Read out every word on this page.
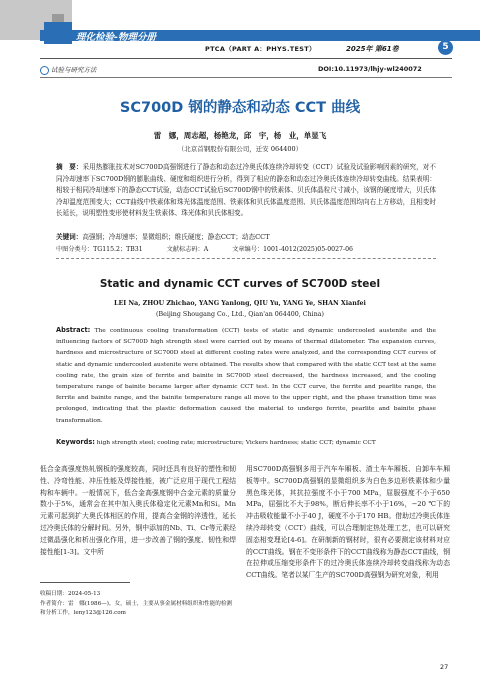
理化检验-物理分册
PTCA（PART A：PHYS.TEST）	2025年 第61卷	5
试验与研究方法	DOI:10.11973/lhjy-wl240072
SC700D 钢的静态和动态 CCT 曲线
雷　娜，周志超，杨艳龙，邱　宇，杨　业，单显飞
（北京首钢股份有限公司，迁安 064400）
摘　要：采用热膨胀技术对SC700D高强钢进行了静态和动态过冷奥氏体连续冷却转变（CCT）试验及试验影响因素的研究，对不同冷却速率下SC700D钢的膨胀曲线、硬度和组织进行分析，得到了相应的静态和动态过冷奥氏体连续冷却转变曲线。结果表明：相较于相同冷却速率下的静态CCT试验，动态CCT试验后SC700D钢中的铁素体、贝氏体晶粒尺寸减小，该钢的硬度增大，贝氏体冷却温度范围变大；CCT曲线中铁素体和珠光体温度范围、铁素体和贝氏体温度范围、贝氏体温度范围均向右上方移动，且相变时长延长，说明塑性变形使材料发生铁素体、珠光体和贝氏体相变。
关键词：高强钢；冷却速率；显微组织；维氏硬度；静态CCT；动态CCT
中图分类号：TG115.2；TB31	文献标志码：A	文章编号：1001-4012(2025)05-0027-06
Static and dynamic CCT curves of SC700D steel
LEI Na, ZHOU Zhichao, YANG Yanlong, QIU Yu, YANG Ye, SHAN Xianfei
(Beijing Shougang Co., Ltd., Qian'an 064400, China)
Abstract: The continuous cooling transformation (CCT) tests of static and dynamic undercooled austenite and the influencing factors of SC700D high strength steel were carried out by means of thermal dilatometer. The expansion curves, hardness and microstructure of SC700D steel at different cooling rates were analyzed, and the corresponding CCT curves of static and dynamic undercooled austenite were obtained. The results show that compared with the static CCT test at the same cooling rate, the grain size of ferrite and bainite in SC700D steel decreased, the hardness increased, and the cooling temperature range of bainite became larger after dynamic CCT test. In the CCT curve, the ferrite and pearlite range, the ferrite and bainite range, and the bainite temperature range all move to the upper right, and the phase transition time was prolonged, indicating that the plastic deformation caused the material to undergo ferrite, pearlite and bainite phase transformation.
Keywords: high strength steel; cooling rate; microstructure; Vickers hardness; static CCT; dynamic CCT
低合金高强度热轧钢板的强度较高，同时还具有良好的塑性和韧性、冷弯性能、冲压性能及焊接性能，被广泛应用于现代工程结构和车辆中。一般情况下，低合金高强度钢中合金元素的质量分数小于5%，通常会在其中加入奥氏体稳定化元素Mn和Si。Mn元素可起到扩大奥氏体相区的作用，提高合金钢的淬透性，延长过冷奥氏体的分解时间。另外，钢中添加的Nb、Ti、Cr等元素经过微晶强化和析出强化作用，进一步改善了钢的强度、韧性和焊接性能[1-3]。文中所
用SC700D高强钢多用于汽车车厢板、渣土车车厢板、自卸车车厢板等中。SC700D高强钢的显微组织多为白色多边形铁素体和少量黑色珠光体，其抗拉强度不小于700 MPa，屈服强度不小于650 MPa，屈强比不大于98%，断后伸长率不小于16%，−20 ℃下的冲击吸收能量不小于40 J，硬度不小于170 HB。借助过冷奥氏体连续冷却转变（CCT）曲线，可以合理制定热处理工艺，也可以研究固态相变理论[4-6]。在研制新的钢材时，很有必要测定该材料对应的CCT曲线。钢在不变形条件下的CCT曲线称为静态CCT曲线，钢在拉伸或压缩变形条件下的过冷奥氏体连续冷却转变曲线称为动态CCT曲线。笔者以某厂生产的SC700D高强钢为研究对象，利用
收稿日期：2024-05-13
作者简介：雷　娜(1986—)，女，硕士，主要从事金属材料组织和性能的检测和分析工作，leny123@126.com
27
